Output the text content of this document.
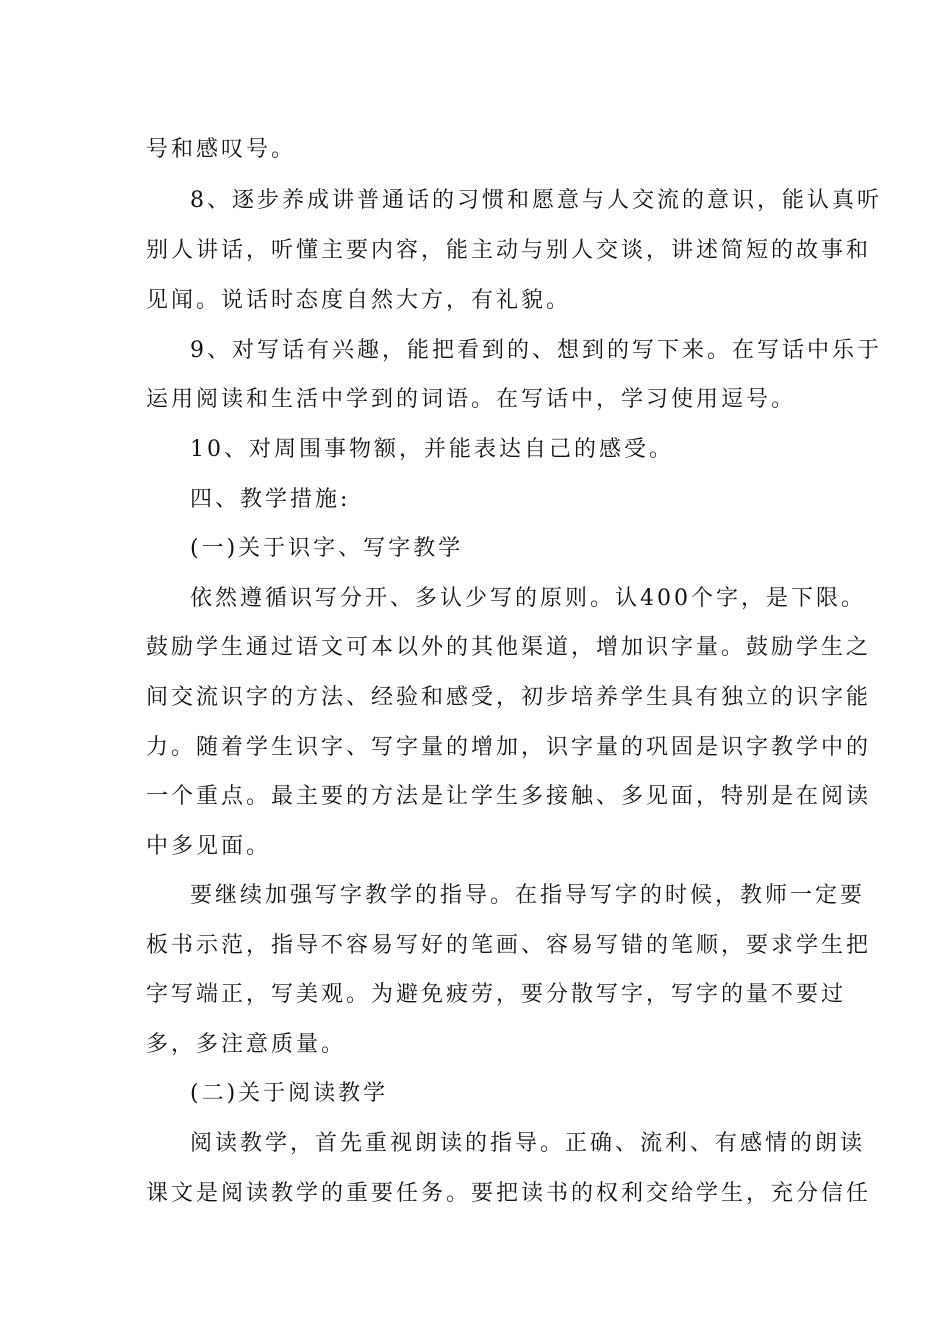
号和感叹号。
8、逐步养成讲普通话的习惯和愿意与人交流的意识，能认真听
别人讲话，听懂主要内容，能主动与别人交谈，讲述简短的故事和
见闻。说话时态度自然大方，有礼貌。
9、对写话有兴趣，能把看到的、想到的写下来。在写话中乐于
运用阅读和生活中学到的词语。在写话中，学习使用逗号。
10、对周围事物额，并能表达自己的感受。
四、教学措施:
(一)关于识字、写字教学
依然遵循识写分开、多认少写的原则。认400个字，是下限。
鼓励学生通过语文可本以外的其他渠道，增加识字量。鼓励学生之
间交流识字的方法、经验和感受，初步培养学生具有独立的识字能
力。随着学生识字、写字量的增加，识字量的巩固是识字教学中的
一个重点。最主要的方法是让学生多接触、多见面，特别是在阅读
中多见面。
要继续加强写字教学的指导。在指导写字的时候，教师一定要
板书示范，指导不容易写好的笔画、容易写错的笔顺，要求学生把
字写端正，写美观。为避免疲劳，要分散写字，写字的量不要过
多，多注意质量。
(二)关于阅读教学
阅读教学，首先重视朗读的指导。正确、流利、有感情的朗读
课文是阅读教学的重要任务。要把读书的权利交给学生，充分信任
